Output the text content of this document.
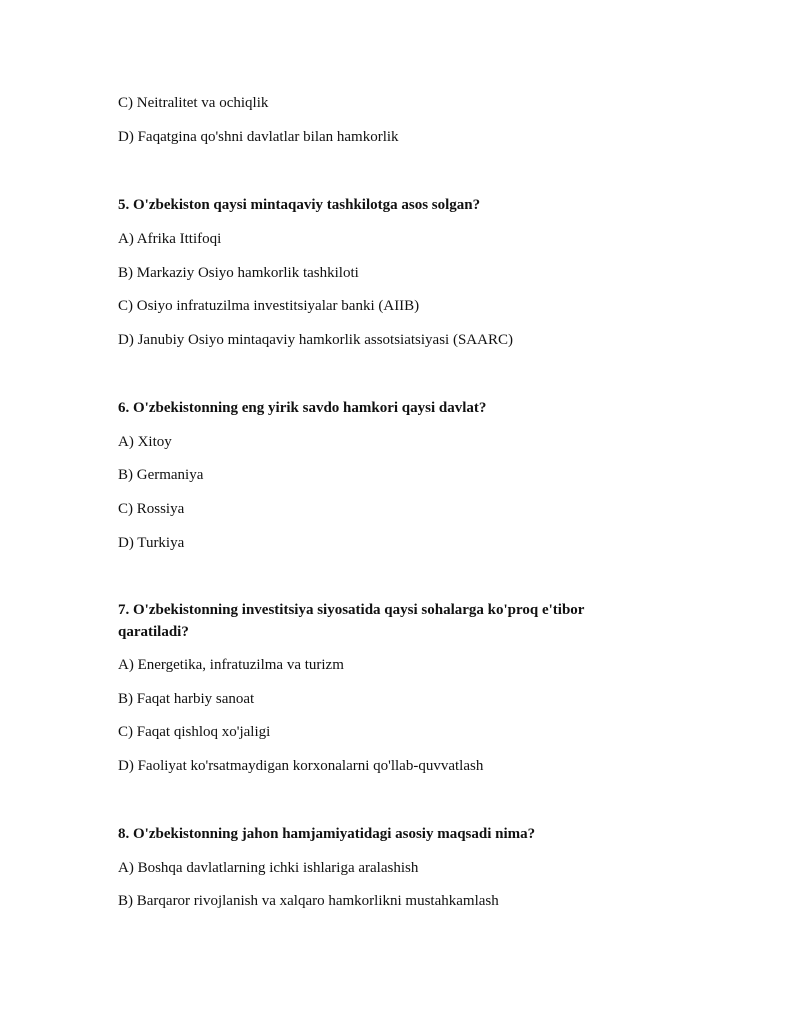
C) Neitralitet va ochiqlik
D) Faqatgina qo'shni davlatlar bilan hamkorlik
5. O'zbekiston qaysi mintaqaviy tashkilotga asos solgan?
A) Afrika Ittifoqi
B) Markaziy Osiyo hamkorlik tashkiloti
C) Osiyo infratuzilma investitsiyalar banki (AIIB)
D) Janubiy Osiyo mintaqaviy hamkorlik assotsiatsiyasi (SAARC)
6. O'zbekistonning eng yirik savdo hamkori qaysi davlat?
A) Xitoy
B) Germaniya
C) Rossiya
D) Turkiya
7. O'zbekistonning investitsiya siyosatida qaysi sohalarga ko'proq e'tibor qaratiladi?
A) Energetika, infratuzilma va turizm
B) Faqat harbiy sanoat
C) Faqat qishloq xo'jaligi
D) Faoliyat ko'rsatmaydigan korxonalarni qo'llab-quvvatlash
8. O'zbekistonning jahon hamjamiyatidagi asosiy maqsadi nima?
A) Boshqa davlatlarning ichki ishlariga aralashish
B) Barqaror rivojlanish va xalqaro hamkorlikni mustahkamlash
